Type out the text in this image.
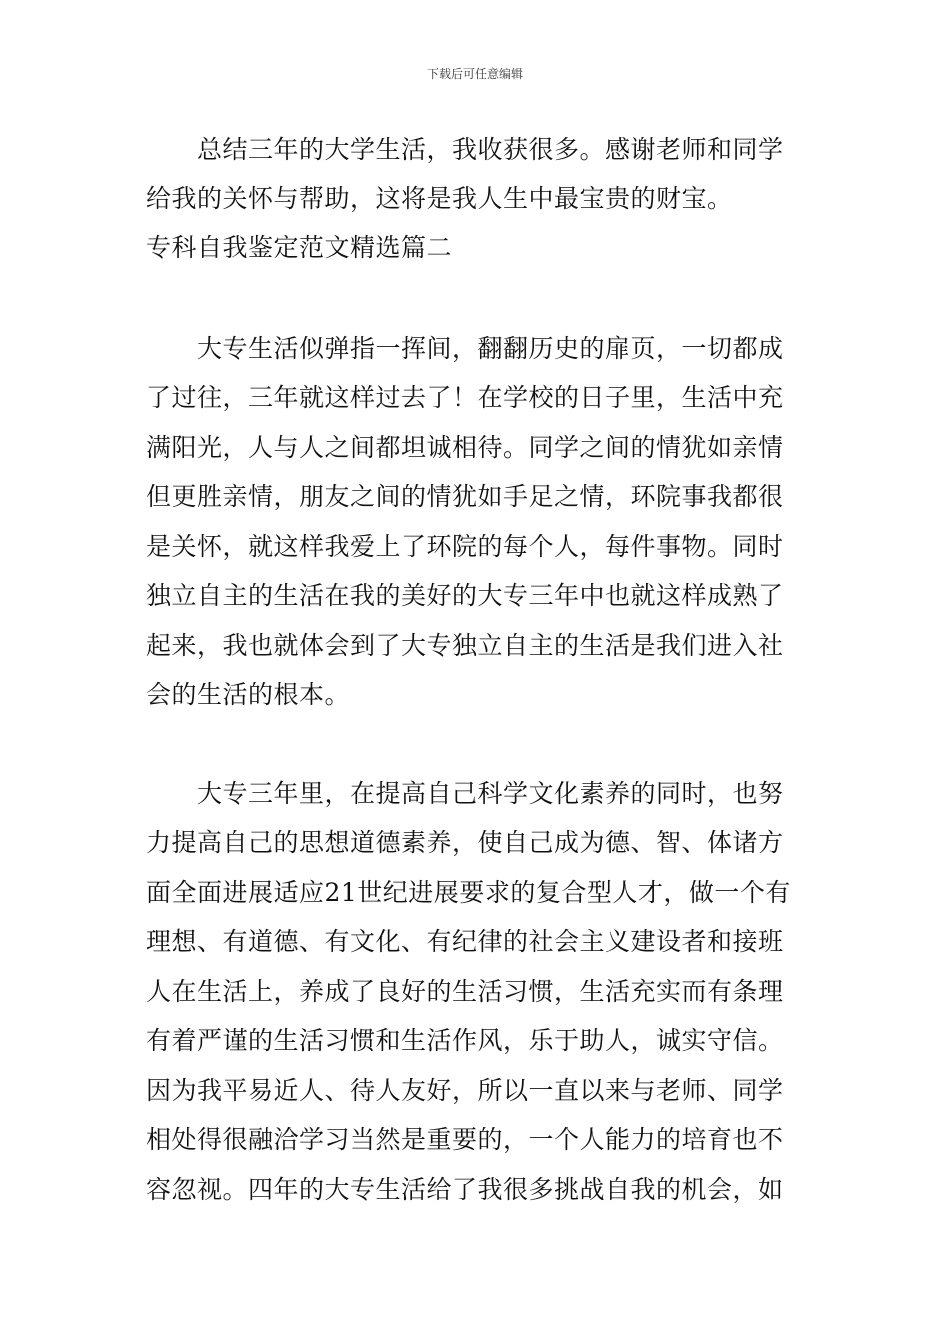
下载后可任意编辑
　　总结三年的大学生活，我收获很多。感谢老师和同学
给我的关怀与帮助，这将是我人生中最宝贵的财宝。
专科自我鉴定范文精选篇二
　　大专生活似弹指一挥间，翻翻历史的扉页，一切都成
了过往，三年就这样过去了！在学校的日子里，生活中充
满阳光，人与人之间都坦诚相待。同学之间的情犹如亲情
但更胜亲情，朋友之间的情犹如手足之情，环院事我都很
是关怀，就这样我爱上了环院的每个人，每件事物。同时
独立自主的生活在我的美好的大专三年中也就这样成熟了
起来，我也就体会到了大专独立自主的生活是我们进入社
会的生活的根本。
　　大专三年里，在提高自己科学文化素养的同时，也努
力提高自己的思想道德素养，使自己成为德、智、体诸方
面全面进展适应21世纪进展要求的复合型人才，做一个有
理想、有道德、有文化、有纪律的社会主义建设者和接班
人在生活上，养成了良好的生活习惯，生活充实而有条理
有着严谨的生活习惯和生活作风，乐于助人，诚实守信。
因为我平易近人、待人友好，所以一直以来与老师、同学
相处得很融洽学习当然是重要的，一个人能力的培育也不
容忽视。四年的大专生活给了我很多挑战自我的机会，如
